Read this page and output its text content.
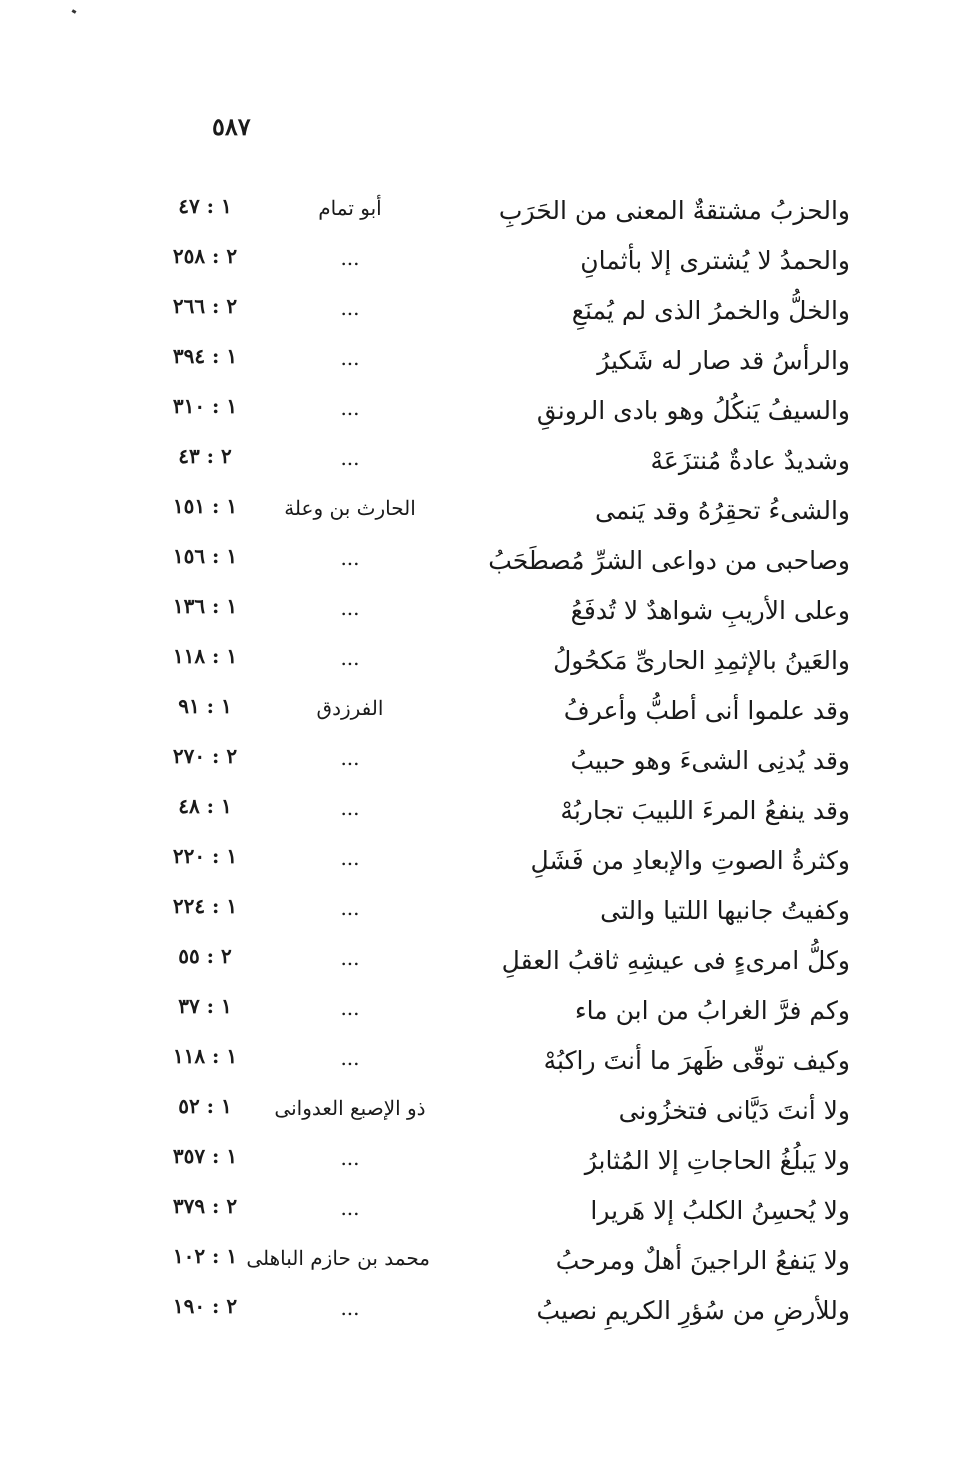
٥٨٧
والحزبُ مشتقةٌ المعنى من الحَرَبِ
أبو تمام
١ : ٤٧
والحمدُ لا يُشترى إلا بأثمانِ
...
٢ : ٢٥٨
والخلُّ والخمرُ الذى لم يُمنَعِ
...
٢ : ٢٦٦
والرأسُ قد صار له شَكيرُ
...
١ : ٣٩٤
والسيفُ يَنكُلُ وهو بادى الرونقِ
...
١ : ٣١٠
وشديدٌ عادةٌ مُنتزَعَهْ
...
٢ : ٤٣
والشىءُ تحقِرُهُ وقد يَنمى
الحارث بن وعلة
١ : ١٥١
وصاحبى من دواعى الشرِّ مُصطَحَبُ
...
١ : ١٥٦
وعلى الأريبِ شواهدٌ لا تُدفَعُ
...
١ : ١٣٦
والعَينُ بالإثمِدِ الحارىِّ مَكحُولُ
...
١ : ١١٨
وقد علموا أنى أطبُّ وأعرفُ
الفرزدق
١ : ٩١
وقد يُدنِى الشىءَ وهو حبيبُ
...
٢ : ٢٧٠
وقد ينفعُ المرءَ اللبيبَ تجاربُهْ
...
١ : ٤٨
وكثرةُ الصوتِ والإبعادِ من فَشَلِ
...
١ : ٢٢٠
وكفيتُ جانيها اللتيا والتى
...
١ : ٢٢٤
وكلُّ امرىءٍ فى عيشِهِ ثاقبُ العقلِ
...
٢ : ٥٥
وكم فرَّ الغرابُ من ابن ماء
...
١ : ٣٧
وكيف توقّى ظَهرَ ما أنتَ راكبُهْ
...
١ : ١١٨
ولا أنتَ دَيَّانى فتخزُونى
ذو الإصبع العدوانى
١ : ٥٢
ولا يَبلُغُ الحاجاتِ إلا المُثابرُ
...
١ : ٣٥٧
ولا يُحسِنُ الكلبُ إلا هَريرا
...
٢ : ٣٧٩
ولا يَنفعُ الراجينَ أهلٌ ومرحبُ
محمد بن حازم الباهلى
١ : ١٠٢
وللأرضِ من سُؤرِ الكريمِ نصيبُ
...
٢ : ١٩٠
